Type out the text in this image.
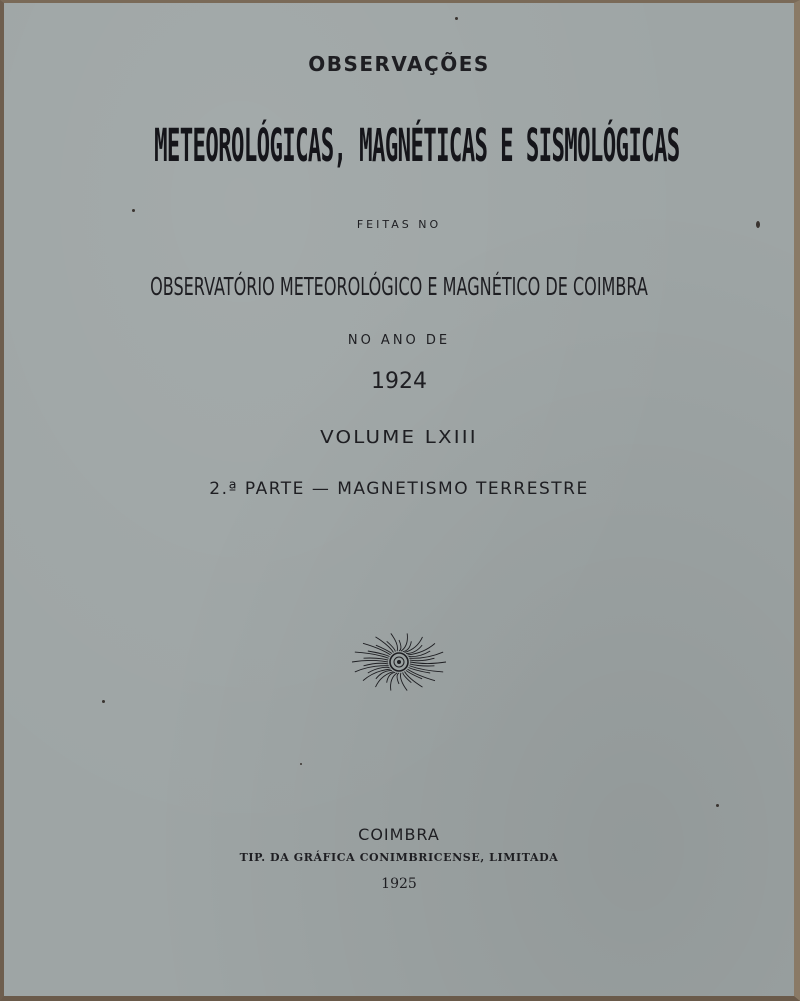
OBSERVAÇÕES

METEOROLÓGICAS, MAGNÉTICAS E SISMOLÓGICAS

FEITAS NO

OBSERVATÓRIO METEOROLÓGICO E MAGNÉTICO DE COIMBRA

NO ANO DE

1924

VOLUME LXIII

2.ª PARTE — MAGNETISMO TERRESTRE

COIMBRA

TIP. DA GRÁFICA CONIMBRICENSE, LIMITADA

1925
